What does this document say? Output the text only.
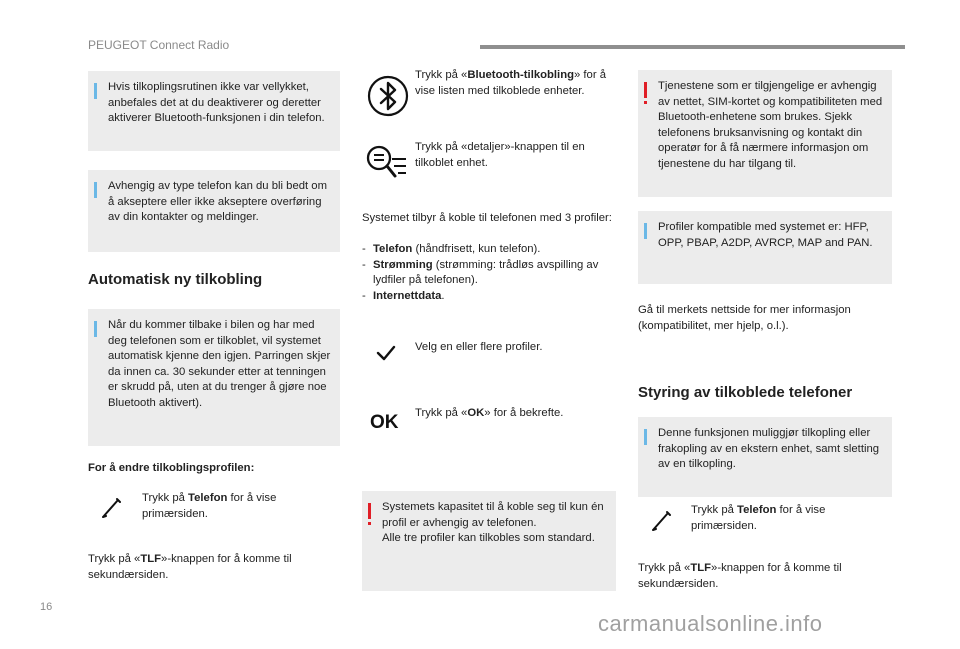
PEUGEOT Connect Radio
Hvis tilkoplingsrutinen ikke var vellykket, anbefales det at du deaktiverer og deretter aktiverer Bluetooth-funksjonen i din telefon.
Avhengig av type telefon kan du bli bedt om å akseptere eller ikke akseptere overføring av din kontakter og meldinger.
Automatisk ny tilkobling
Når du kommer tilbake i bilen og har med deg telefonen som er tilkoblet, vil systemet automatisk kjenne den igjen. Parringen skjer da innen ca. 30 sekunder etter at tenningen er skrudd på, uten at du trenger å gjøre noe Bluetooth aktivert).
For å endre tilkoblingsprofilen:
Trykk på Telefon for å vise primærsiden.
Trykk på «TLF»-knappen for å komme til sekundærsiden.
Trykk på «Bluetooth-tilkobling» for å vise listen med tilkoblede enheter.
Trykk på «detaljer»-knappen til en tilkoblet enhet.
Systemet tilbyr å koble til telefonen med 3 profiler:
- Telefon (håndfrisett, kun telefon).
- Strømming (strømming: trådløs avspilling av lydfiler på telefonen).
- Internettdata.
Velg en eller flere profiler.
OK Trykk på «OK» for å bekrefte.
Systemets kapasitet til å koble seg til kun én profil er avhengig av telefonen.
Alle tre profiler kan tilkobles som standard.
Tjenestene som er tilgjengelige er avhengig av nettet, SIM-kortet og kompatibiliteten med Bluetooth-enhetene som brukes. Sjekk telefonens bruksanvisning og kontakt din operatør for å få nærmere informasjon om tjenestene du har tilgang til.
Profiler kompatible med systemet er: HFP, OPP, PBAP, A2DP, AVRCP, MAP and PAN.
Gå til merkets nettside for mer informasjon (kompatibilitet, mer hjelp, o.l.).
Styring av tilkoblede telefoner
Denne funksjonen muliggjør tilkopling eller frakopling av en ekstern enhet, samt sletting av en tilkopling.
Trykk på Telefon for å vise primærsiden.
Trykk på «TLF»-knappen for å komme til sekundærsiden.
16
carmanualsonline.info
